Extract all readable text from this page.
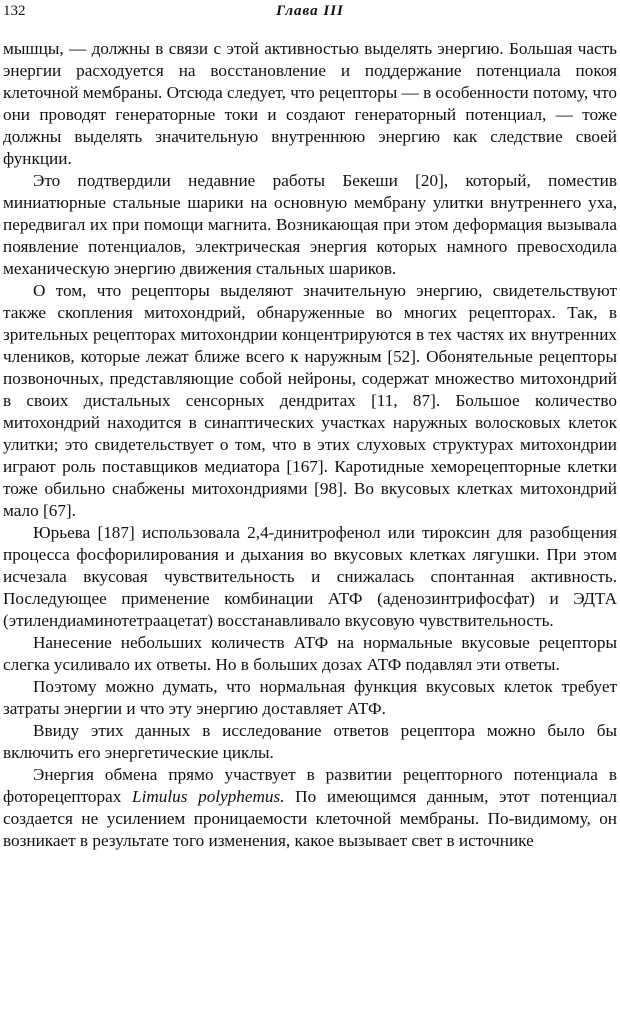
132	Глава III

мышцы, — должны в связи с этой активностью выделять энергию. Большая часть энергии расходуется на восстановление и поддержание потенциала покоя клеточной мембраны. Отсюда следует, что рецепторы — в особенности потому, что они проводят генераторные токи и создают генераторный потенциал, — тоже должны выделять значительную внутреннюю энергию как следствие своей функции.

Это подтвердили недавние работы Бекеши [20], который, поместив миниатюрные стальные шарики на основную мембрану улитки внутреннего уха, передвигал их при помощи магнита. Возникающая при этом деформация вызывала появление потенциалов, электрическая энергия которых намного превосходила механическую энергию движения стальных шариков.

О том, что рецепторы выделяют значительную энергию, свидетельствуют также скопления митохондрий, обнаруженные во многих рецепторах. Так, в зрительных рецепторах митохондрии концентрируются в тех частях их внутренних члеников, которые лежат ближе всего к наружным [52]. Обонятельные рецепторы позвоночных, представляющие собой нейроны, содержат множество митохондрий в своих дистальных сенсорных дендритах [11, 87]. Большое количество митохондрий находится в синаптических участках наружных волосковых клеток улитки; это свидетельствует о том, что в этих слуховых структурах митохондрии играют роль поставщиков медиатора [167]. Каротидные хеморецепторные клетки тоже обильно снабжены митохондриями [98]. Во вкусовых клетках митохондрий мало [67].

Юрьева [187] использовала 2,4-динитрофенол или тироксин для разобщения процесса фосфорилирования и дыхания во вкусовых клетках лягушки. При этом исчезала вкусовая чувствительность и снижалась спонтанная активность. Последующее применение комбинации АТФ (аденозинтрифосфат) и ЭДТА (этилендиаминотетраацетат) восстанавливало вкусовую чувствительность.

Нанесение небольших количеств АТФ на нормальные вкусовые рецепторы слегка усиливало их ответы. Но в больших дозах АТФ подавлял эти ответы.

Поэтому можно думать, что нормальная функция вкусовых клеток требует затраты энергии и что эту энергию доставляет АТФ.

Ввиду этих данных в исследование ответов рецептора можно было бы включить его энергетические циклы.

Энергия обмена прямо участвует в развитии рецепторного потенциала в фоторецепторах Limulus polyphemus. По имеющимся данным, этот потенциал создается не усилением проницаемости клеточной мембраны. По-видимому, он возникает в результате того изменения, какое вызывает свет в источнике
